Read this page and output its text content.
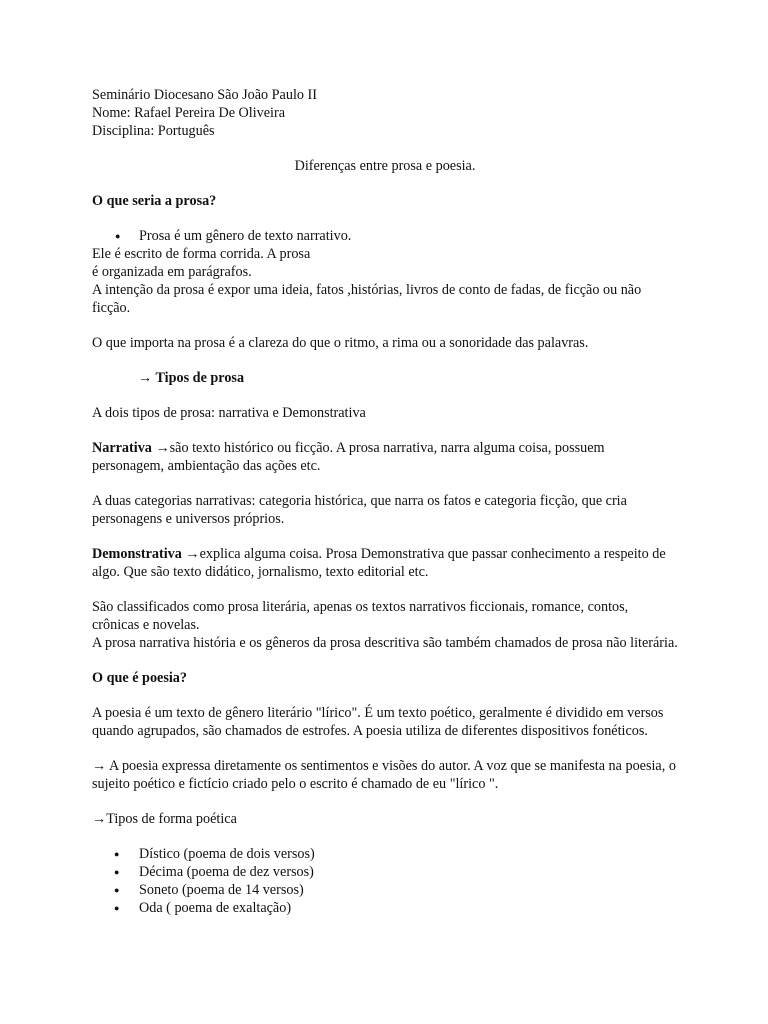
Seminário Diocesano São João Paulo II

Nome: Rafael Pereira De Oliveira

Disciplina: Português

Diferenças entre prosa e poesia.

O que seria a prosa?

● Prosa é um gênero de texto narrativo.

Ele é escrito de forma corrida. A prosa

é organizada em parágrafos.

A intenção da prosa é expor uma ideia, fatos ,histórias, livros de conto de fadas, de ficção ou não ficção.

O que importa na prosa é a clareza do que o ritmo, a rima ou a sonoridade das palavras.

→ Tipos de prosa

A dois tipos de prosa: narrativa e Demonstrativa

Narrativa →são texto histórico ou ficção. A prosa narrativa, narra alguma coisa, possuem personagem, ambientação das ações etc.

A duas categorias narrativas: categoria histórica, que narra os fatos e categoria ficção, que cria personagens e universos próprios.

Demonstrativa →explica alguma coisa. Prosa Demonstrativa que passar conhecimento a respeito de algo. Que são texto didático, jornalismo, texto editorial etc.

São classificados como prosa literária, apenas os textos narrativos ficcionais, romance, contos, crônicas e novelas.

A prosa narrativa história e os gêneros da prosa descritiva são também chamados de prosa não literária.

O que é poesia?

A poesia é um texto de gênero literário "lírico". É um texto poético, geralmente é dividido em versos quando agrupados, são chamados de estrofes. A poesia utiliza de diferentes dispositivos fonéticos.

→ A poesia expressa diretamente os sentimentos e visões do autor. A voz que se manifesta na poesia, o sujeito poético e fictício criado pelo o escrito é chamado de eu "lírico ".

→Tipos de forma poética

● Dístico (poema de dois versos)
● Décima (poema de dez versos)
● Soneto (poema de 14 versos)
● Oda ( poema de exaltação)
